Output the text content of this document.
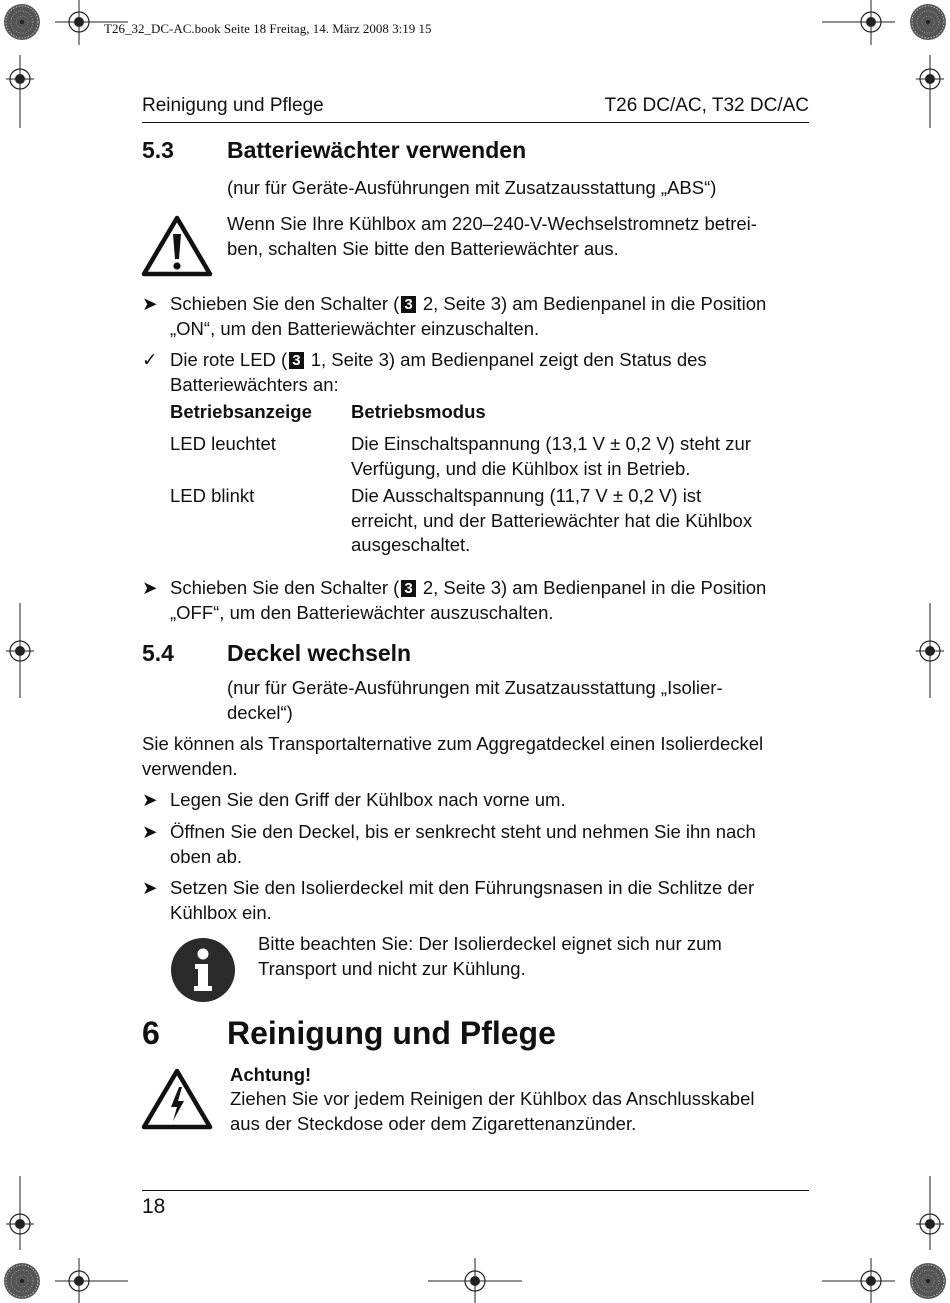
T26_32_DC-AC.book Seite 18 Freitag, 14. März 2008 3:19 15
Reinigung und Pflege	T26 DC/AC, T32 DC/AC
5.3 Batteriewächter verwenden
(nur für Geräte-Ausführungen mit Zusatzausstattung „ABS“)
Wenn Sie Ihre Kühlbox am 220–240-V-Wechselstromnetz betrei-
ben, schalten Sie bitte den Batteriewächter aus.
➤ Schieben Sie den Schalter ( 3 2, Seite 3) am Bedienpanel in die Position
„ON“, um den Batteriewächter einzuschalten.
✓ Die rote LED ( 3 1, Seite 3) am Bedienpanel zeigt den Status des
Batteriewächters an:
Betriebsanzeige Betriebsmodus
LED leuchtet	Die Einschaltspannung (13,1 V ± 0,2 V) steht zur
Verfügung, und die Kühlbox ist in Betrieb.
LED blinkt	Die Ausschaltspannung (11,7 V ± 0,2 V) ist
erreicht, und der Batteriewächter hat die Kühlbox
ausgeschaltet.
➤ Schieben Sie den Schalter ( 3 2, Seite 3) am Bedienpanel in die Position
„OFF“, um den Batteriewächter auszuschalten.
5.4 Deckel wechseln
(nur für Geräte-Ausführungen mit Zusatzausstattung „Isolier-
deckel“)
Sie können als Transportalternative zum Aggregatdeckel einen Isolierdeckel
verwenden.
➤ Legen Sie den Griff der Kühlbox nach vorne um.
➤ Öffnen Sie den Deckel, bis er senkrecht steht und nehmen Sie ihn nach
oben ab.
➤ Setzen Sie den Isolierdeckel mit den Führungsnasen in die Schlitze der
Kühlbox ein.
Bitte beachten Sie: Der Isolierdeckel eignet sich nur zum
Transport und nicht zur Kühlung.
6 Reinigung und Pflege
Achtung!
Ziehen Sie vor jedem Reinigen der Kühlbox das Anschlusskabel
aus der Steckdose oder dem Zigarettenanzünder.
18
